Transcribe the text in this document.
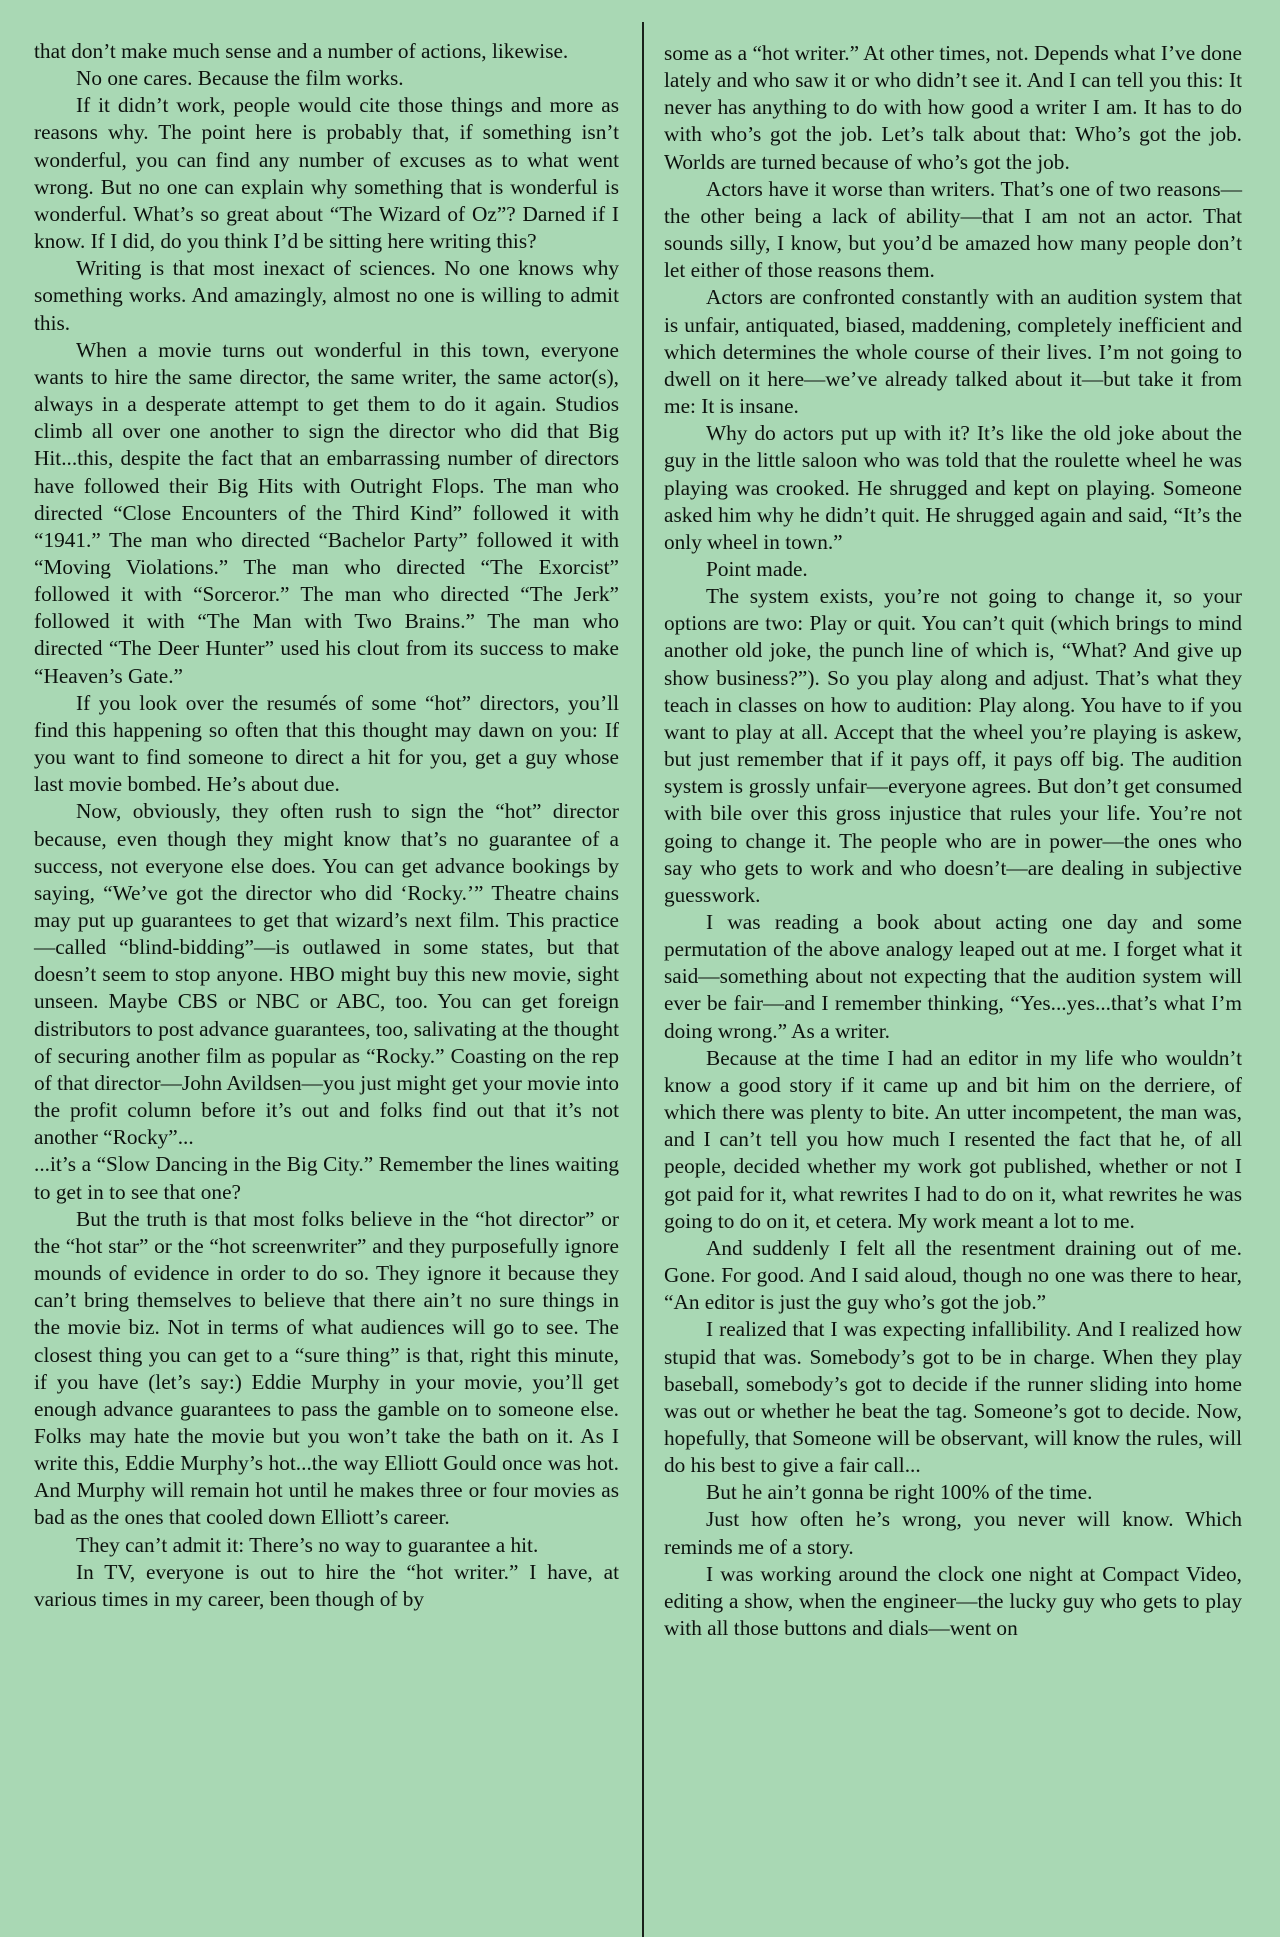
that don’t make much sense and a number of actions, likewise.

No one cares. Because the film works.

If it didn’t work, people would cite those things and more as reasons why. The point here is probably that, if something isn’t wonderful, you can find any number of excuses as to what went wrong. But no one can explain why something that is wonderful is wonderful. What’s so great about “The Wizard of Oz”? Darned if I know. If I did, do you think I’d be sitting here writing this?

Writing is that most inexact of sciences. No one knows why something works. And amazingly, almost no one is willing to admit this.

When a movie turns out wonderful in this town, everyone wants to hire the same director, the same writer, the same actor(s), always in a desperate attempt to get them to do it again. Studios climb all over one another to sign the director who did that Big Hit...this, despite the fact that an embarrassing number of directors have followed their Big Hits with Outright Flops. The man who directed “Close Encounters of the Third Kind” followed it with “1941.” The man who directed “Bachelor Party” followed it with “Moving Violations.” The man who directed “The Exorcist” followed it with “Sorceror.” The man who directed “The Jerk” followed it with “The Man with Two Brains.” The man who directed “The Deer Hunter” used his clout from its success to make “Heaven’s Gate.”

If you look over the resumés of some “hot” directors, you’ll find this happening so often that this thought may dawn on you: If you want to find someone to direct a hit for you, get a guy whose last movie bombed. He’s about due.

Now, obviously, they often rush to sign the “hot” director because, even though they might know that’s no guarantee of a success, not everyone else does. You can get advance bookings by saying, “We’ve got the director who did ‘Rocky.’” Theatre chains may put up guarantees to get that wizard’s next film. This practice—called “blind-bidding”—is outlawed in some states, but that doesn’t seem to stop anyone. HBO might buy this new movie, sight unseen. Maybe CBS or NBC or ABC, too. You can get foreign distributors to post advance guarantees, too, salivating at the thought of securing another film as popular as “Rocky.” Coasting on the rep of that director—John Avildsen—you just might get your movie into the profit column before it’s out and folks find out that it’s not another “Rocky”...

...it’s a “Slow Dancing in the Big City.” Remember the lines waiting to get in to see that one?

But the truth is that most folks believe in the “hot director” or the “hot star” or the “hot screenwriter” and they purposefully ignore mounds of evidence in order to do so. They ignore it because they can’t bring themselves to believe that there ain’t no sure things in the movie biz. Not in terms of what audiences will go to see. The closest thing you can get to a “sure thing” is that, right this minute, if you have (let’s say:) Eddie Murphy in your movie, you’ll get enough advance guarantees to pass the gamble on to someone else. Folks may hate the movie but you won’t take the bath on it. As I write this, Eddie Murphy’s hot...the way Elliott Gould once was hot. And Murphy will remain hot until he makes three or four movies as bad as the ones that cooled down Elliott’s career.

They can’t admit it: There’s no way to guarantee a hit.

In TV, everyone is out to hire the “hot writer.” I have, at various times in my career, been though of by

some as a “hot writer.” At other times, not. Depends what I’ve done lately and who saw it or who didn’t see it. And I can tell you this: It never has anything to do with how good a writer I am. It has to do with who’s got the job. Let’s talk about that: Who’s got the job. Worlds are turned because of who’s got the job.

Actors have it worse than writers. That’s one of two reasons—the other being a lack of ability—that I am not an actor. That sounds silly, I know, but you’d be amazed how many people don’t let either of those reasons them.

Actors are confronted constantly with an audition system that is unfair, antiquated, biased, maddening, completely inefficient and which determines the whole course of their lives. I’m not going to dwell on it here—we’ve already talked about it—but take it from me: It is insane.

Why do actors put up with it? It’s like the old joke about the guy in the little saloon who was told that the roulette wheel he was playing was crooked. He shrugged and kept on playing. Someone asked him why he didn’t quit. He shrugged again and said, “It’s the only wheel in town.”

Point made.

The system exists, you’re not going to change it, so your options are two: Play or quit. You can’t quit (which brings to mind another old joke, the punch line of which is, “What? And give up show business?”). So you play along and adjust. That’s what they teach in classes on how to audition: Play along. You have to if you want to play at all. Accept that the wheel you’re playing is askew, but just remember that if it pays off, it pays off big. The audition system is grossly unfair—everyone agrees. But don’t get consumed with bile over this gross injustice that rules your life. You’re not going to change it. The people who are in power—the ones who say who gets to work and who doesn’t—are dealing in subjective guesswork.

I was reading a book about acting one day and some permutation of the above analogy leaped out at me. I forget what it said—something about not expecting that the audition system will ever be fair—and I remember thinking, “Yes...yes...that’s what I’m doing wrong.” As a writer.

Because at the time I had an editor in my life who wouldn’t know a good story if it came up and bit him on the derriere, of which there was plenty to bite. An utter incompetent, the man was, and I can’t tell you how much I resented the fact that he, of all people, decided whether my work got published, whether or not I got paid for it, what rewrites I had to do on it, what rewrites he was going to do on it, et cetera. My work meant a lot to me.

And suddenly I felt all the resentment draining out of me. Gone. For good. And I said aloud, though no one was there to hear, “An editor is just the guy who’s got the job.”

I realized that I was expecting infallibility. And I realized how stupid that was. Somebody’s got to be in charge. When they play baseball, somebody’s got to decide if the runner sliding into home was out or whether he beat the tag. Someone’s got to decide. Now, hopefully, that Someone will be observant, will know the rules, will do his best to give a fair call...

But he ain’t gonna be right 100% of the time.

Just how often he’s wrong, you never will know. Which reminds me of a story.

I was working around the clock one night at Compact Video, editing a show, when the engineer—the lucky guy who gets to play with all those buttons and dials—went on
